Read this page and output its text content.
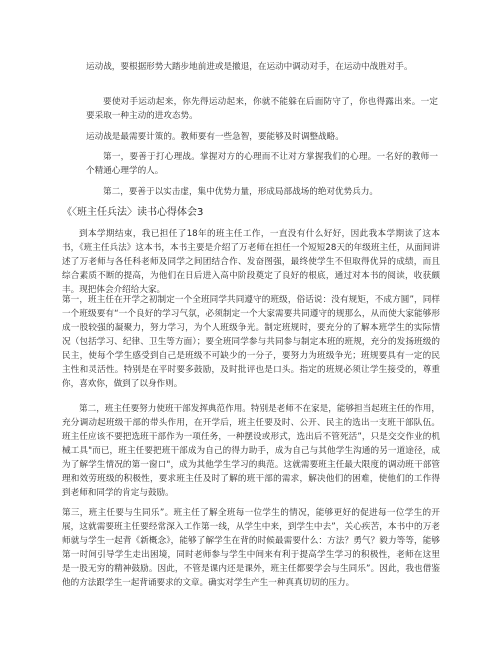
运动战，要根据形势大踏步地前进或是撤退，在运动中调动对手，在运动中战胜对手。

要使对手运动起来，你先得运动起来，你就不能躲在后面防守了，你也得露出来。一定要采取一种主动的进攻态势。

运动战是最需要计策的。教师要有一些急智，要能够及时调整战略。

第一，要善于打心理战。掌握对方的心理而不让对方掌握我们的心理。一名好的教师一个精通心理学的人。

第二，要善于以实击虚，集中优势力量，形成局部战场的绝对优势兵力。

《〈班主任兵法〉读书心得体会3

到本学期结束，我已担任了18年的班主任工作，一直没有什么好好，因此我本学期读了这本书，《班主任兵法》这本书，本书主要是介绍了万老师在担任一个短短28天的年级班主任，从面间讲述了万老师与各任科老师及同学之间团结合作、发奋图强，最终使学生不但取得优异的成绩，而且综合素质不断的提高，为他们在日后进入高中阶段奠定了良好的根底，通过对本书的阅读，收获颇丰。现把体会介绍给大家。

第一，班主任在开学之初制定一个全班同学共同遵守的班级，俗话说：没有规矩，不成方圆”，同样一个班级要有“一个良好的学习气氛，必须制定一个大家需要共同遵守的规那么，从而使大家能够形成一股较强的凝聚力，努力学习，为个人班级争光。制定班规时，要充分的了解本班学生的实际情况（包括学习、纪律、卫生等方面）；要全班同学参与共同参与制定本班的班规，充分的发扬班级的民主，使每个学生感受到自己是班级不可缺少的一分子，要努力为班级争光；班规要具有一定的民主性和灵活性。特别是在平时要多鼓励，及时批评也是口头。指定的班规必须让学生接受的，尊重你，喜欢你，做到了以身作则。

第二，班主任要努力使班干部发挥典范作用。特别是老师不在家是，能够担当起班主任的作用，充分调动起班级干部的带头作用，在开学后，班主任要及时、公开、民主的选出一支班干部队伍。班主任应该不要把选班干部作为一项任务，一种摆设或形式，选出后不管死活”，只是交交作业的机械工具"而已，班主任要把班干部成为自己的得力助手，成为自己与其他学生沟通的另一道途径，成为了解学生情况的第一窗口"，成为其他学生学习的典范。这就需要班主任最大限度的调动班干部管理和效劳班级的积极性，要求班主任及时了解的班干部的需求，解决他们的困难，使他们的工作得到老师和同学的肯定与鼓励。

第三，班主任要与生同乐”。班主任了解全班每一位学生的情况，能够更好的促进每一位学生的开展，这就需要班主任要经常深入工作第一线，从学生中来，到学生中去”，关心疾苦，本书中的万老师就与学生一起背《新概念》，能够了解学生在背的时候最需要什么：方法？勇气？毅力等等，能够第一时间引导学生走出困境，同时老师参与学生中间来有利于提高学生学习的积极性，老师在这里是一股无穷的精神鼓励。因此，不管是课内还是课外，班主任都要学会与生同乐”。因此，我也借鉴他的方法跟学生一起背诵要求的文章。确实对学生产生一种真真切切的压力。
